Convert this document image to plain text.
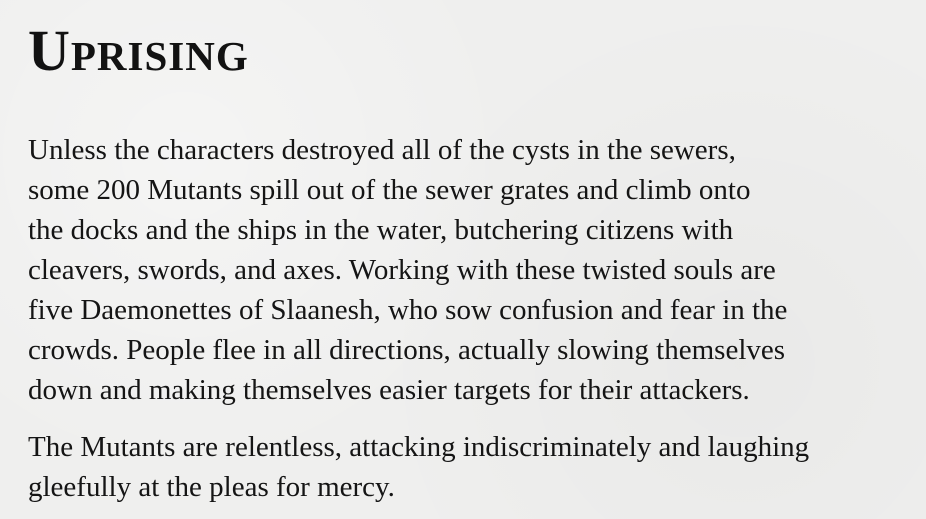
Uprising

Unless the characters destroyed all of the cysts in the sewers,
some 200 Mutants spill out of the sewer grates and climb onto
the docks and the ships in the water, butchering citizens with
cleavers, swords, and axes. Working with these twisted souls are
five Daemonettes of Slaanesh, who sow confusion and fear in the
crowds. People flee in all directions, actually slowing themselves
down and making themselves easier targets for their attackers.

The Mutants are relentless, attacking indiscriminately and laughing
gleefully at the pleas for mercy.
